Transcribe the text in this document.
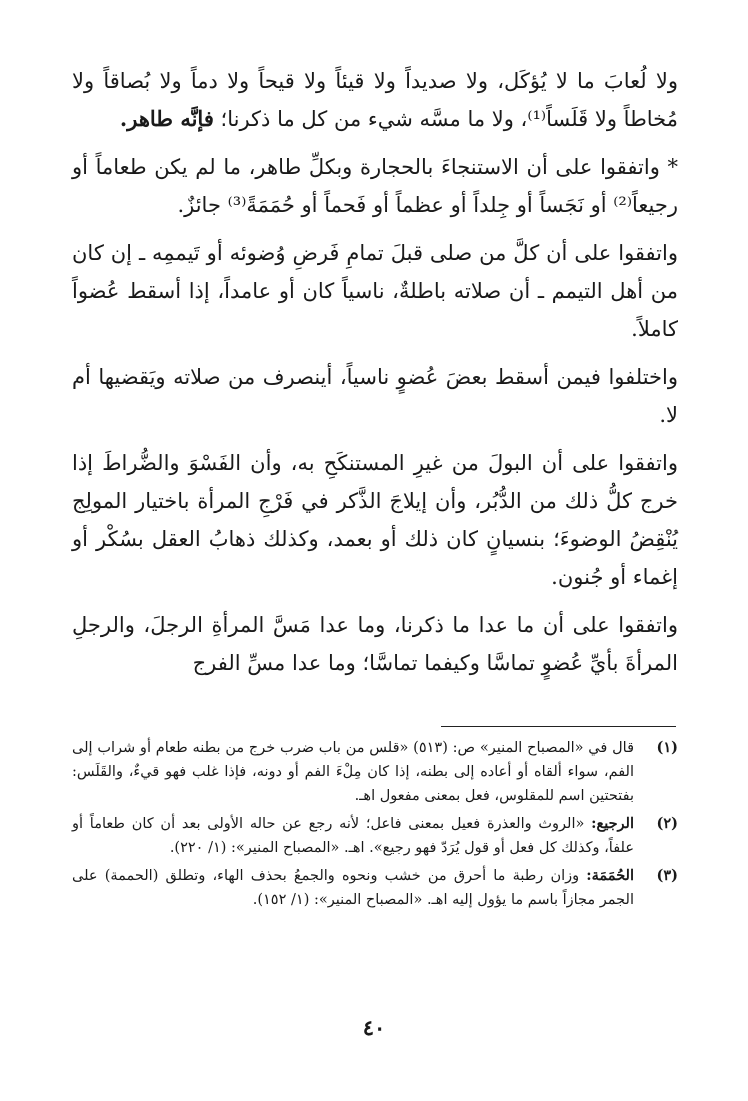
ولا لُعابَ ما لا يُؤكَل، ولا صديداً ولا قيئاً ولا قيحاً ولا دماً ولا بُصاقاً ولا مُخاطاً ولا قَلَساً⁽¹⁾، ولا ما مسَّه شيء من كل ما ذكرنا؛ فإنَّه طاهر.

* واتفقوا على أن الاستنجاءَ بالحجارة وبكلِّ طاهر، ما لم يكن طعاماً أو رجيعاً⁽²⁾ أو نَجَساً أو جِلداً أو عظماً أو فَحماً أو حُمَمَةً⁽³⁾ جائزٌ.

واتفقوا على أن كلَّ من صلى قبلَ تمامِ فَرضِ وُضوئه أو تَيممِه ـ إن كان من أهل التيمم ـ أن صلاته باطلةٌ، ناسياً كان أو عامداً، إذا أسقط عُضواً كاملاً.

واختلفوا فيمن أسقط بعضَ عُضوٍ ناسياً، أينصرف من صلاته ويَقضيها أم لا.

واتفقوا على أن البولَ من غيرِ المستنكَحِ به، وأن الفَسْوَ والضُّراطَ إذا خرج كلُّ ذلك من الدُّبُر، وأن إيلاجَ الذَّكر في فَرْجِ المرأة باختيار المولِج يُنْقِضُ الوضوءَ؛ بنسيانٍ كان ذلك أو بعمد، وكذلك ذهابُ العقل بسُكْر أو إغماء أو جُنون.

واتفقوا على أن ما عدا ما ذكرنا، وما عدا مَسَّ المرأةِ الرجلَ، والرجلِ المرأةَ بأيِّ عُضوٍ تماسَّا وكيفما تماسَّا؛ وما عدا مسِّ الفرج

(١)
قال في «المصباح المنير» ص: (٥١٣) «قلس من باب ضرب خرج من بطنه طعام أو شراب إلى الفم، سواء ألقاه أو أعاده إلى بطنه، إذا كان مِلْءَ الفم أو دونه، فإذا غلب فهو قيءٌ، والقَلَس: بفتحتين اسم للمقلوس، فعل بمعنى مفعول اهـ.
(٢)
الرجيع: «الروث والعذرة فعيل بمعنى فاعل؛ لأنه رجع عن حاله الأولى بعد أن كان طعاماً أو علفاً، وكذلك كل فعل أو قول يُرَدّ فهو رجيع». اهـ. «المصباح المنير»: (١/ ٢٢٠).
(٣)
الحُمَمَة: وزان رطبة ما أحرق من خشب ونحوه والجمعُ بحذف الهاء، وتطلق (الحممة) على الجمر مجازاً باسم ما يؤول إليه اهـ. «المصباح المنير»: (١/ ١٥٢).
٤٠
